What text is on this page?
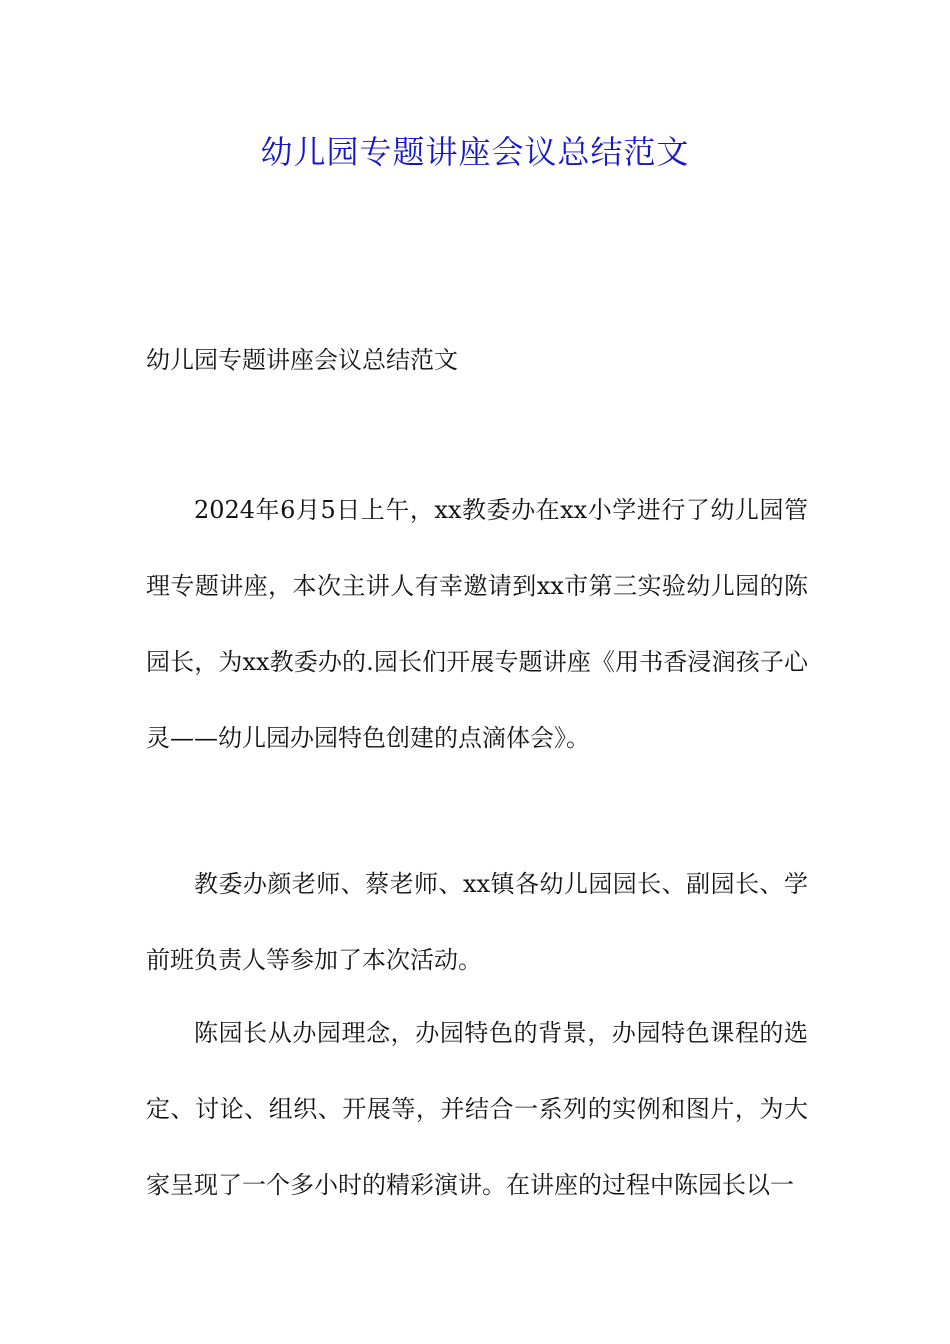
幼儿园专题讲座会议总结范文
幼儿园专题讲座会议总结范文

2024年6月5日上午，xx教委办在xx小学进行了幼儿园管理专题讲座，本次主讲人有幸邀请到xx市第三实验幼儿园的陈园长，为xx教委办的.园长们开展专题讲座《用书香浸润孩子心灵——幼儿园办园特色创建的点滴体会》。

教委办颜老师、蔡老师、xx镇各幼儿园园长、副园长、学前班负责人等参加了本次活动。

陈园长从办园理念，办园特色的背景，办园特色课程的选定、讨论、组织、开展等，并结合一系列的实例和图片，为大家呈现了一个多小时的精彩演讲。在讲座的过程中陈园长以一
